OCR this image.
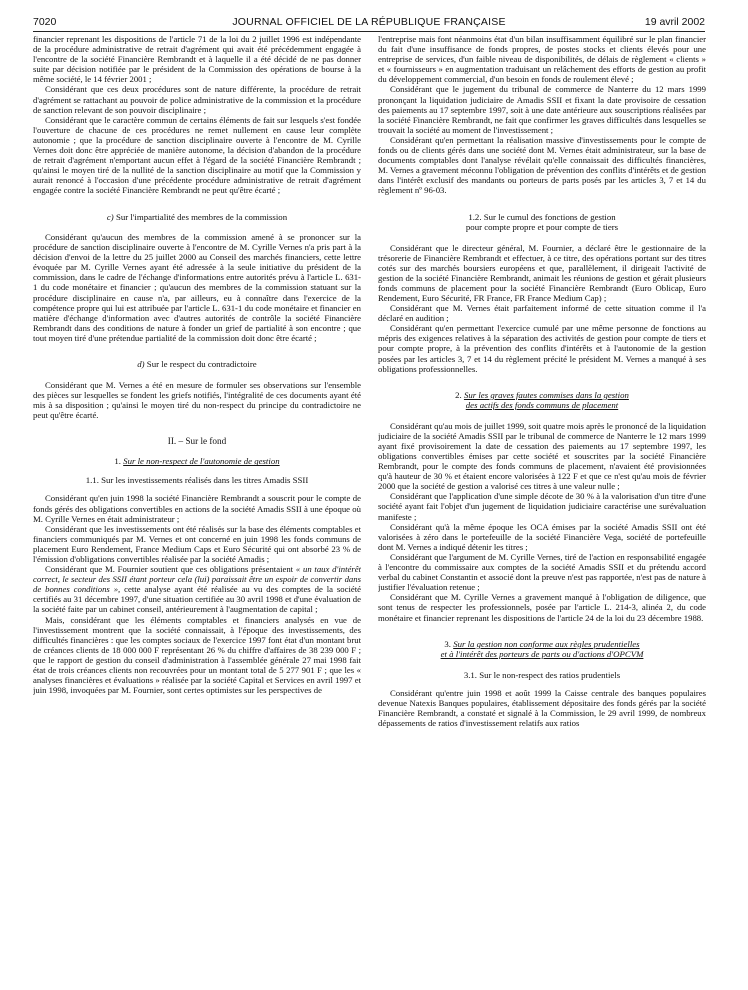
7020	JOURNAL OFFICIEL DE LA RÉPUBLIQUE FRANÇAISE	19 avril 2002

financier reprenant les dispositions de l'article 71 de la loi du 2 juillet 1996 est indépendante de la procédure administrative de retrait d'agrément qui avait été précédemment engagée à l'encontre de la société Financière Rembrandt et à laquelle il a été décidé de ne pas donner suite par décision notifiée par le président de la Commission des opérations de bourse à la même société, le 14 février 2001 ;

Considérant que ces deux procédures sont de nature différente, la procédure de retrait d'agrément se rattachant au pouvoir de police administrative de la commission et la procédure de sanction relevant de son pouvoir disciplinaire ;

Considérant que le caractère commun de certains éléments de fait sur lesquels s'est fondée l'ouverture de chacune de ces procédures ne remet nullement en cause leur complète autonomie ; que la procédure de sanction disciplinaire ouverte à l'encontre de M. Cyrille Vernes doit donc être appréciée de manière autonome, la décision d'abandon de la procédure de retrait d'agrément n'emportant aucun effet à l'égard de la société Financière Rembrandt ; qu'ainsi le moyen tiré de la nullité de la sanction disciplinaire au motif que la Commission y aurait renoncé à l'occasion d'une précédente procédure administrative de retrait d'agrément engagée contre la société Financière Rembrandt ne peut qu'être écarté ;

c) Sur l'impartialité des membres de la commission

Considérant qu'aucun des membres de la commission amené à se prononcer sur la procédure de sanction disciplinaire ouverte à l'encontre de M. Cyrille Vernes n'a pris part à la décision d'envoi de la lettre du 25 juillet 2000 au Conseil des marchés financiers, cette lettre évoquée par M. Cyrille Vernes ayant été adressée à la seule initiative du président de la commission, dans le cadre de l'échange d'informations entre autorités prévu à l'article L. 631-1 du code monétaire et financier ; qu'aucun des membres de la commission statuant sur la procédure disciplinaire en cause n'a, par ailleurs, eu à connaître dans l'exercice de la compétence propre qui lui est attribuée par l'article L. 631-1 du code monétaire et financier en matière d'échange d'information avec d'autres autorités de contrôle la société Financière Rembrandt dans des conditions de nature à fonder un grief de partialité à son encontre ; que tout moyen tiré d'une prétendue partialité de la commission doit donc être écarté ;

d) Sur le respect du contradictoire

Considérant que M. Vernes a été en mesure de formuler ses observations sur l'ensemble des pièces sur lesquelles se fondent les griefs notifiés, l'intégralité de ces documents ayant été mis à sa disposition ; qu'ainsi le moyen tiré du non-respect du principe du contradictoire ne peut qu'être écarté.

II. – Sur le fond
1. Sur le non-respect de l'autonomie de gestion
1.1. Sur les investissements réalisés dans les titres Amadis SSII

Considérant qu'en juin 1998 la société Financière Rembrandt a souscrit pour le compte de fonds gérés des obligations convertibles en actions de la société Amadis SSII à une époque où M. Cyrille Vernes en était administrateur ;

Considérant que les investissements ont été réalisés sur la base des éléments comptables et financiers communiqués par M. Vernes et ont concerné en juin 1998 les fonds communs de placement Euro Rendement, France Medium Caps et Euro Sécurité qui ont absorbé 23 % de l'émission d'obligations convertibles réalisée par la société Amadis ;

Considérant que M. Fournier soutient que ces obligations présentaient « un taux d'intérêt correct, le secteur des SSII étant porteur cela (lui) paraissait être un espoir de convertir dans de bonnes conditions », cette analyse ayant été réalisée au vu des comptes de la société certifiés au 31 décembre 1997, d'une situation certifiée au 30 avril 1998 et d'une évaluation de la société faite par un cabinet conseil, antérieurement à l'augmentation de capital ;

Mais, considérant que les éléments comptables et financiers analysés en vue de l'investissement montrent que la société connaissait, à l'époque des investissements, des difficultés financières : que les comptes sociaux de l'exercice 1997 font état d'un montant brut de créances clients de 18 000 000 F représentant 26 % du chiffre d'affaires de 38 239 000 F ; que le rapport de gestion du conseil d'administration à l'assemblée générale 27 mai 1998 fait état de trois créances clients non recouvrées pour un montant total de 5 277 901 F ; que les « analyses financières et évaluations » réalisée par la société Capital et Services en avril 1997 et juin 1998, invoquées par M. Fournier, sont certes optimistes sur les perspectives de

l'entreprise mais font néanmoins état d'un bilan insuffisamment équilibré sur le plan financier du fait d'une insuffisance de fonds propres, de postes stocks et clients élevés pour une entreprise de services, d'un faible niveau de disponibilités, de délais de règlement « clients » et « fournisseurs » en augmentation traduisant un relâchement des efforts de gestion au profit du développement commercial, d'un besoin en fonds de roulement élevé ;

Considérant que le jugement du tribunal de commerce de Nanterre du 12 mars 1999 prononçant la liquidation judiciaire de Amadis SSII et fixant la date provisoire de cessation des paiements au 17 septembre 1997, soit à une date antérieure aux souscriptions réalisées par la société Financière Rembrandt, ne fait que confirmer les graves difficultés dans lesquelles se trouvait la société au moment de l'investissement ;

Considérant qu'en permettant la réalisation massive d'investissements pour le compte de fonds ou de clients gérés dans une société dont M. Vernes était administrateur, sur la base de documents comptables dont l'analyse révélait qu'elle connaissait des difficultés financières, M. Vernes a gravement méconnu l'obligation de prévention des conflits d'intérêts et de gestion dans l'intérêt exclusif des mandants ou porteurs de parts posés par les articles 3, 7 et 14 du règlement nº 96-03.

1.2. Sur le cumul des fonctions de gestion
pour compte propre et pour compte de tiers

Considérant que le directeur général, M. Fournier, a déclaré être le gestionnaire de la trésorerie de Financière Rembrandt et effectuer, à ce titre, des opérations portant sur des titres cotés sur des marchés boursiers européens et que, parallèlement, il dirigeait l'activité de gestion de la société Financière Rembrandt, animait les réunions de gestion et gérait plusieurs fonds communs de placement pour la société Financière Rembrandt (Euro Oblicap, Euro Rendement, Euro Sécurité, FR France, FR France Medium Cap) ;

Considérant que M. Vernes était parfaitement informé de cette situation comme il l'a déclaré en audition ;

Considérant qu'en permettant l'exercice cumulé par une même personne de fonctions au mépris des exigences relatives à la séparation des activités de gestion pour compte de tiers et pour compte propre, à la prévention des conflits d'intérêts et à l'autonomie de la gestion posées par les articles 3, 7 et 14 du règlement précité le président M. Vernes a manqué à ses obligations professionnelles.

2. Sur les graves fautes commises dans la gestion
des actifs des fonds communs de placement

Considérant qu'au mois de juillet 1999, soit quatre mois après le prononcé de la liquidation judiciaire de la société Amadis SSII par le tribunal de commerce de Nanterre le 12 mars 1999 ayant fixé provisoirement la date de cessation des paiements au 17 septembre 1997, les obligations convertibles émises par cette société et souscrites par la société Financière Rembrandt, pour le compte des fonds communs de placement, n'avaient été provisionnées qu'à hauteur de 30 % et étaient encore valorisées à 122 F et que ce n'est qu'au mois de février 2000 que la société de gestion a valorisé ces titres à une valeur nulle ;

Considérant que l'application d'une simple décote de 30 % à la valorisation d'un titre d'une société ayant fait l'objet d'un jugement de liquidation judiciaire caractérise une surévaluation manifeste ;

Considérant qu'à la même époque les OCA émises par la société Amadis SSII ont été valorisées à zéro dans le portefeuille de la société Financière Vega, société de portefeuille dont M. Vernes a indiqué détenir les titres ;

Considérant que l'argument de M. Cyrille Vernes, tiré de l'action en responsabilité engagée à l'encontre du commissaire aux comptes de la société Amadis SSII et du prétendu accord verbal du cabinet Constantin et associé dont la preuve n'est pas rapportée, n'est pas de nature à justifier l'évaluation retenue ;

Considérant que M. Cyrille Vernes a gravement manqué à l'obligation de diligence, que sont tenus de respecter les professionnels, posée par l'article L. 214-3, alinéa 2, du code monétaire et financier reprenant les dispositions de l'article 24 de la loi du 23 décembre 1988.

3. Sur la gestion non conforme aux règles prudentielles
et à l'intérêt des porteurs de parts ou d'actions d'OPCVM
3.1. Sur le non-respect des ratios prudentiels

Considérant qu'entre juin 1998 et août 1999 la Caisse centrale des banques populaires devenue Natexis Banques populaires, établissement dépositaire des fonds gérés par la société Financière Rembrandt, a constaté et signalé à la Commission, le 29 avril 1999, de nombreux dépassements de ratios d'investissement relatifs aux ratios
